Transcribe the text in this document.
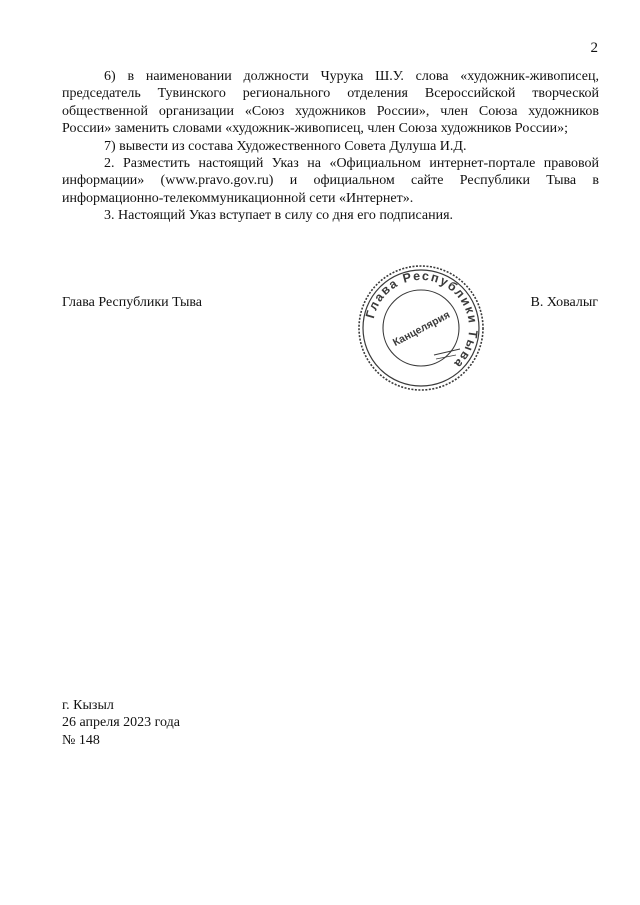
2

6) в наименовании должности Чурука Ш.У. слова «художник-живописец, председатель Тувинского регионального отделения Всероссийской творческой общественной организации «Союз художников России», член Союза художников России» заменить словами «художник-живописец, член Союза художников России»;

7) вывести из состава Художественного Совета Дулуша И.Д.

2. Разместить настоящий Указ на «Официальном интернет-портале правовой информации» (www.pravo.gov.ru) и официальном сайте Республики Тыва в информационно-телекоммуникационной сети «Интернет».

3. Настоящий Указ вступает в силу со дня его подписания.

Глава Республики Тыва
Глава Республики Тыва
Канцелярия
В. Ховалыг
г. Кызыл
26 апреля 2023 года
№ 148
